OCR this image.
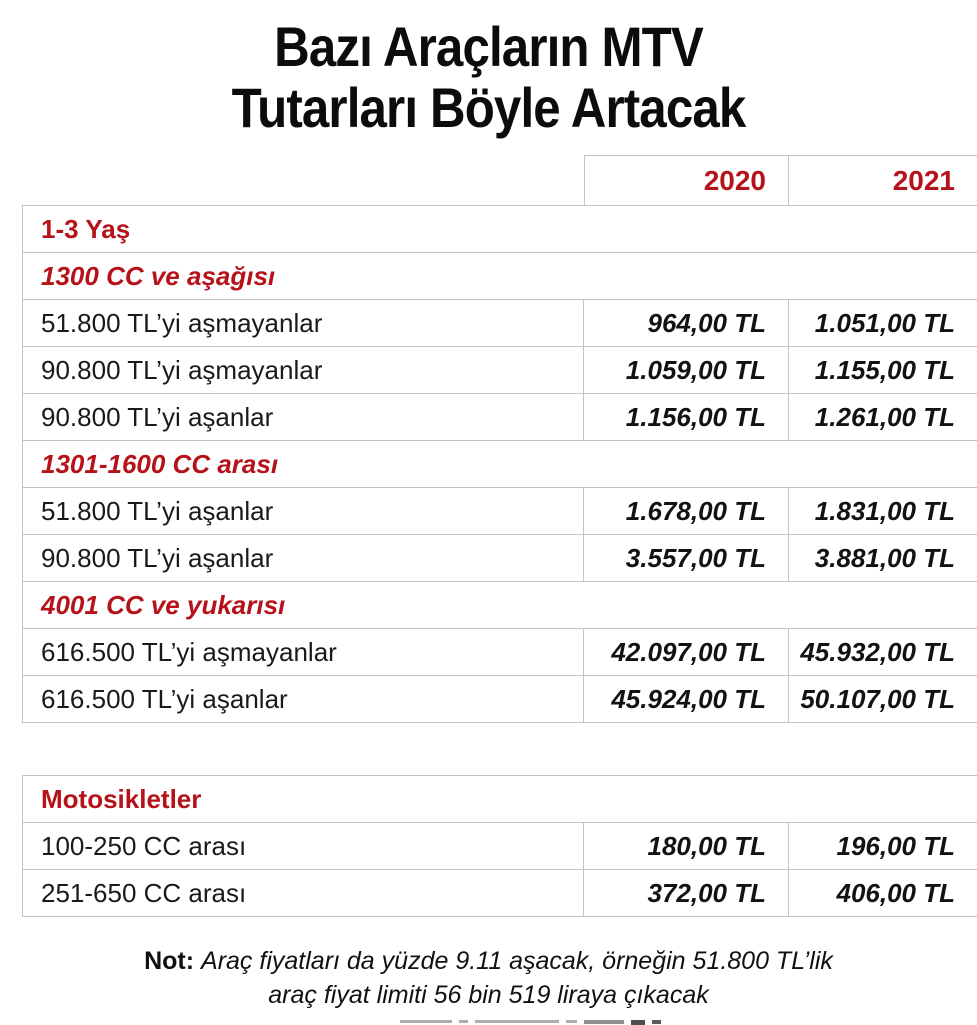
Bazı Araçların MTV
Tutarları Böyle Artacak
2020	2021
1-3 Yaş
1300 CC ve aşağısı
51.800 TL’yi aşmayanlar	964,00 TL	1.051,00 TL
90.800 TL’yi aşmayanlar	1.059,00 TL	1.155,00 TL
90.800 TL’yi aşanlar	1.156,00 TL	1.261,00 TL
1301-1600 CC arası
51.800 TL’yi aşanlar	1.678,00 TL	1.831,00 TL
90.800 TL’yi aşanlar	3.557,00 TL	3.881,00 TL
4001 CC ve yukarısı
616.500 TL’yi aşmayanlar	42.097,00 TL	45.932,00 TL
616.500 TL’yi aşanlar	45.924,00 TL	50.107,00 TL
Motosikletler
100-250 CC arası	180,00 TL	196,00 TL
251-650 CC arası	372,00 TL	406,00 TL
Not: Araç fiyatları da yüzde 9.11 aşacak, örneğin 51.800 TL’lik
araç fiyat limiti 56 bin 519 liraya çıkacak
